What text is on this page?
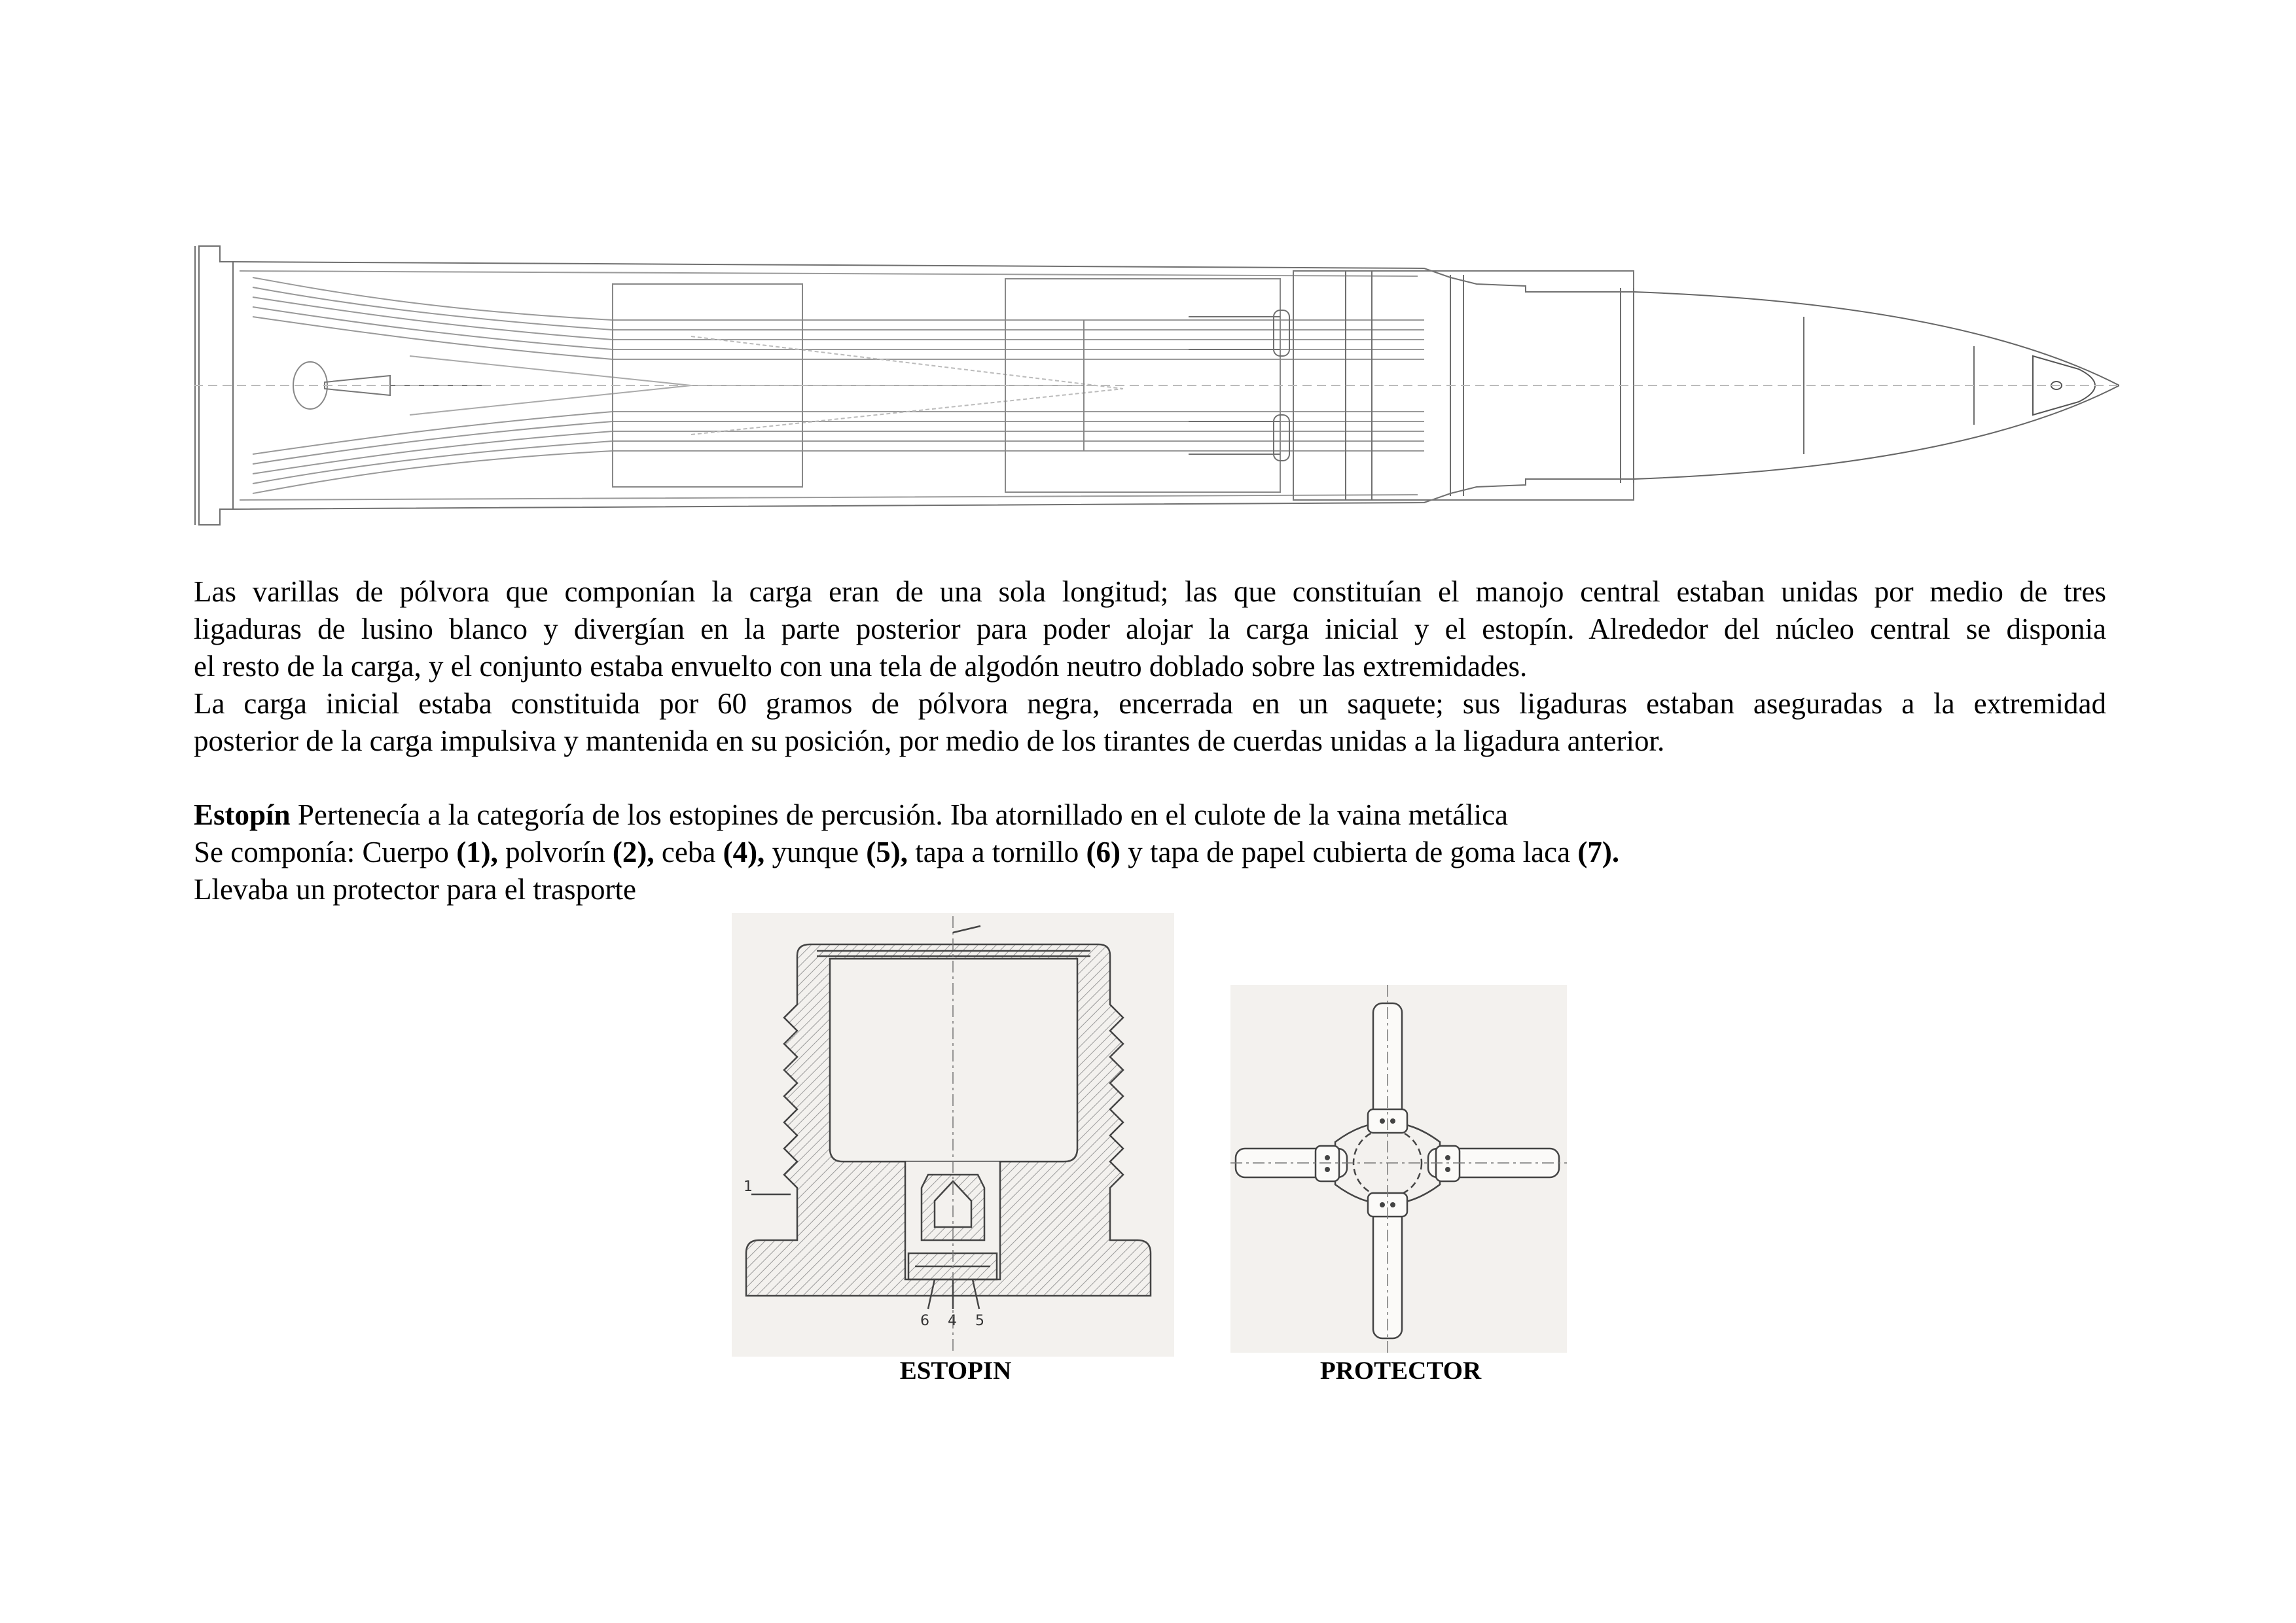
Las varillas de pólvora que componían la carga eran de una sola longitud; las que constituían el manojo central estaban unidas por medio de tres

ligaduras de lusino blanco y divergían en la parte posterior para poder alojar la carga inicial y el estopín. Alrededor del núcleo central se disponia

el resto de la carga, y el conjunto estaba envuelto con una tela de algodón neutro doblado sobre las extremidades.

La carga inicial estaba constituida por 60 gramos de pólvora negra, encerrada en un saquete; sus ligaduras estaban aseguradas a la extremidad

posterior de la carga impulsiva y mantenida en su posición, por medio de los tirantes de cuerdas unidas a la ligadura anterior.

Estopín Pertenecía a la categoría de los estopines de percusión. Iba atornillado en el culote de la vaina metálica

Se componía: Cuerpo (1), polvorín (2), ceba (4), yunque (5), tapa a tornillo (6) y tapa de papel cubierta de goma laca (7).

Llevaba un protector para el trasporte

1
6 4 5
ESTOPIN	PROTECTOR
